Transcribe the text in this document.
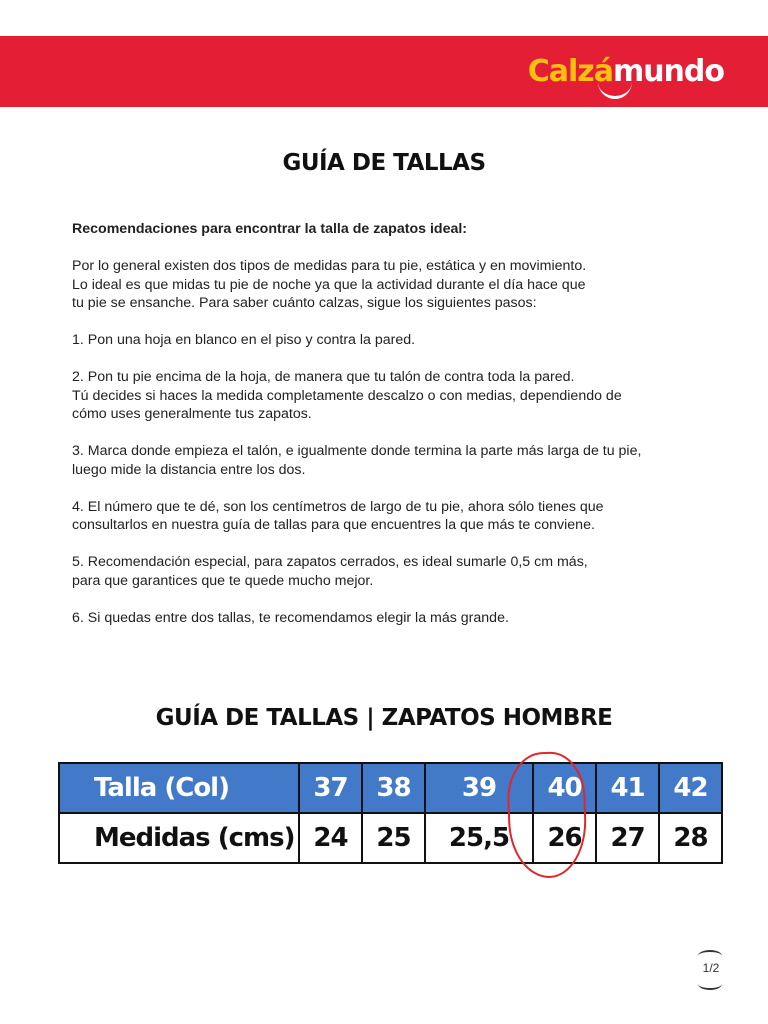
Calzámundo
GUÍA DE TALLAS

Recomendaciones para encontrar la talla de zapatos ideal:

Por lo general existen dos tipos de medidas para tu pie, estática y en movimiento.
Lo ideal es que midas tu pie de noche ya que la actividad durante el día hace que
tu pie se ensanche. Para saber cuánto calzas, sigue los siguientes pasos:

1. Pon una hoja en blanco en el piso y contra la pared.

2. Pon tu pie encima de la hoja, de manera que tu talón de contra toda la pared.
Tú decides si haces la medida completamente descalzo o con medias, dependiendo de
cómo uses generalmente tus zapatos.

3. Marca donde empieza el talón, e igualmente donde termina la parte más larga de tu pie,
luego mide la distancia entre los dos.

4. El número que te dé, son los centímetros de largo de tu pie, ahora sólo tienes que
consultarlos en nuestra guía de tallas para que encuentres la que más te conviene.

5. Recomendación especial, para zapatos cerrados, es ideal sumarle 0,5 cm más,
para que garantices que te quede mucho mejor.

6. Si quedas entre dos tallas, te recomendamos elegir la más grande.

GUÍA DE TALLAS | ZAPATOS HOMBRE
Talla (Col)	37	38	39	40	41	42
Medidas (cms)	24	25	25,5	26	27	28
1/2
